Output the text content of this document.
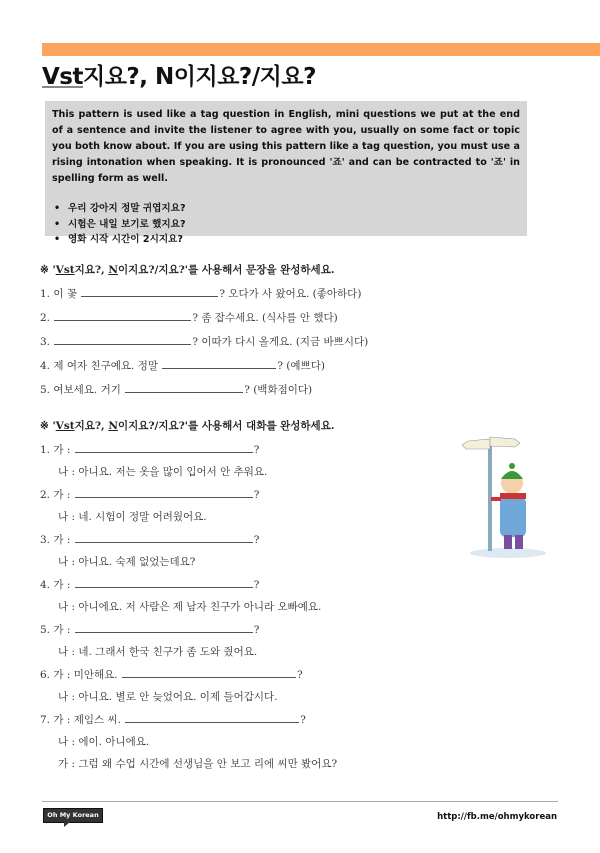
Vst지요?, N이지요?/지요?

This pattern is used like a tag question in English, mini questions we put at the end of a sentence and invite the listener to agree with you, usually on some fact or topic you both know about. If you are using this pattern like a tag question, you must use a rising intonation when speaking. It is pronounced '죠' and can be contracted to '죠' in spelling form as well.

• 우리 강아지 정말 귀엽지요?
• 시험은 내일 보기로 했지요?
• 영화 시작 시간이 2시지요?
※ 'Vst지요?, N이지요?/지요?'를 사용해서 문장을 완성하세요.
1. 이 꽃	? 오다가 사 왔어요. (좋아하다)
2.	? 좀 잡수세요. (식사를 안 했다)
3.	? 이따가 다시 올게요. (지금 바쁘시다)
4. 제 여자 친구예요. 정말	? (예쁘다)
5. 여보세요. 거기	? (백화점이다)
※ 'Vst지요?, N이지요?/지요?'를 사용해서 대화를 완성하세요.
1. 가 :	?
나 : 아니요. 저는 옷을 많이 입어서 안 추워요.
2. 가 :	?
나 : 네. 시험이 정말 어려웠어요.
3. 가 :	?
나 : 아니요. 숙제 없었는데요?
4. 가 :	?
나 : 아니에요. 저 사람은 제 남자 친구가 아니라 오빠예요.
5. 가 :	?
나 : 네. 그래서 한국 친구가 좀 도와 줬어요.
6. 가 : 미안해요.	?
나 : 아니요. 별로 안 늦었어요. 이제 들어갑시다.
7. 가 : 제임스 씨.	?
나 : 에이. 아니에요.
가 : 그럼 왜 수업 시간에 선생님을 안 보고 리에 씨만 봤어요?
Oh My Korean	http://fb.me/ohmykorean
